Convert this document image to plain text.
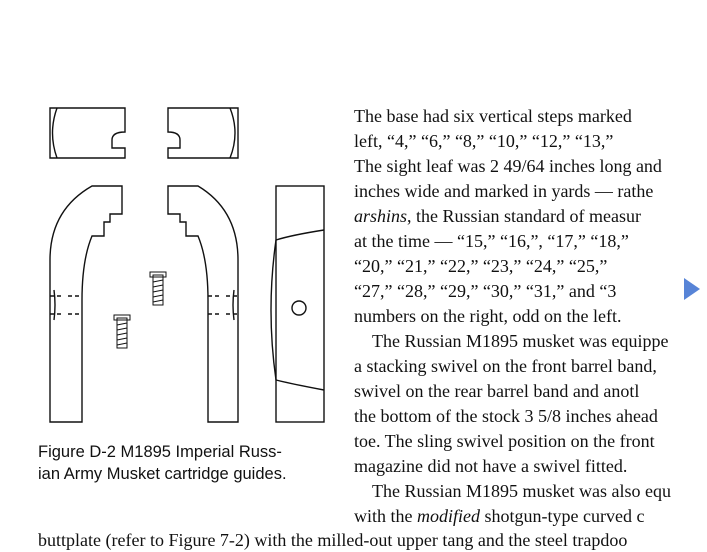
Figure D-2 M1895 Imperial Russ-
ian Army Musket cartridge guides.
The base had six vertical steps marked
left, “4,” “6,” “8,” “10,” “12,” “13,”
The sight leaf was 2 49/64 inches long and
inches wide and marked in yards — rathe
arshins, the Russian standard of measur
at the time — “15,” “16,”, “17,” “18,”
“20,” “21,” “22,” “23,” “24,” “25,”
“27,” “28,” “29,” “30,” “31,” and “3
numbers on the right, odd on the left.
The Russian M1895 musket was equippe
a stacking swivel on the front barrel band,
swivel on the rear barrel band and anotl
the bottom of the stock 3 5/8 inches ahead
toe. The sling swivel position on the front
magazine did not have a swivel fitted.
The Russian M1895 musket was also equ
with the modified shotgun-type curved c
buttplate (refer to Figure 7-2) with the milled-out upper tang and the steel trapdoo
